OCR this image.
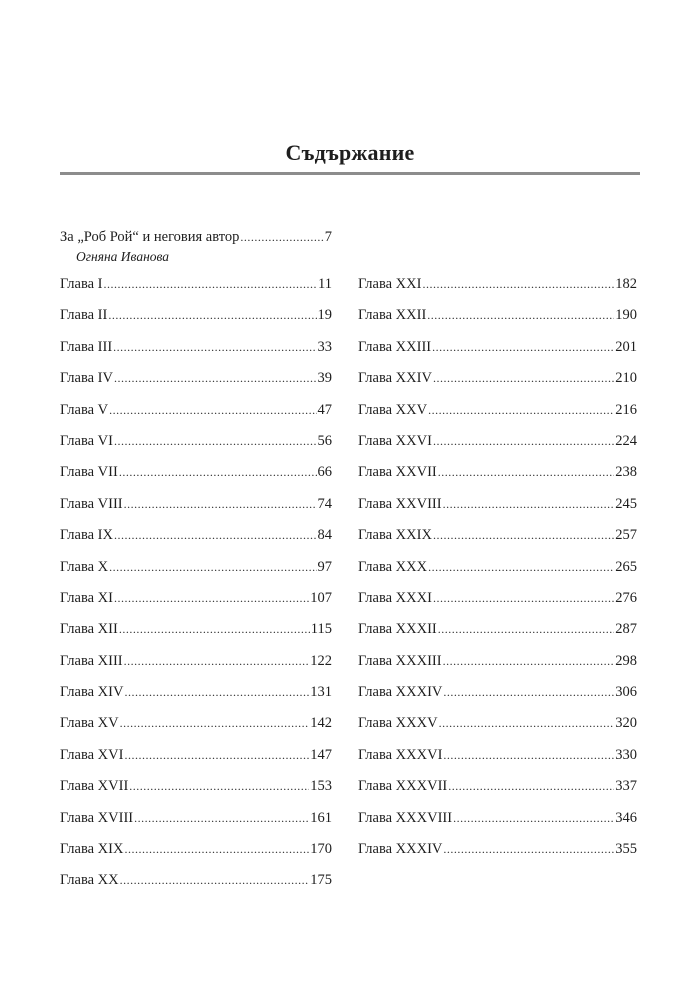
Съдържание
За „Роб Рой“ и неговия автор .....	7
Огняна Иванова
Глава I .....	11
Глава II .....	19
Глава III .....	33
Глава IV .....	39
Глава V .....	47
Глава VI .....	56
Глава VII .....	66
Глава VIII .....	74
Глава IX .....	84
Глава X .....	97
Глава XI .....	107
Глава XII .....	115
Глава XIII .....	122
Глава XIV .....	131
Глава XV .....	142
Глава XVI .....	147
Глава XVII .....	153
Глава XVIII .....	161
Глава XIX .....	170
Глава XX .....	175
Глава XXI .....	182
Глава XXII .....	190
Глава XXIII .....	201
Глава XXIV .....	210
Глава XXV .....	216
Глава XXVI .....	224
Глава XXVII .....	238
Глава XXVIII .....	245
Глава XXIX .....	257
Глава XXX .....	265
Глава XXXI .....	276
Глава XXXII .....	287
Глава XXXIII .....	298
Глава XXXIV .....	306
Глава XXXV .....	320
Глава XXXVI .....	330
Глава XXXVII .....	337
Глава XXXVIII .....	346
Глава XXXIV .....	355
